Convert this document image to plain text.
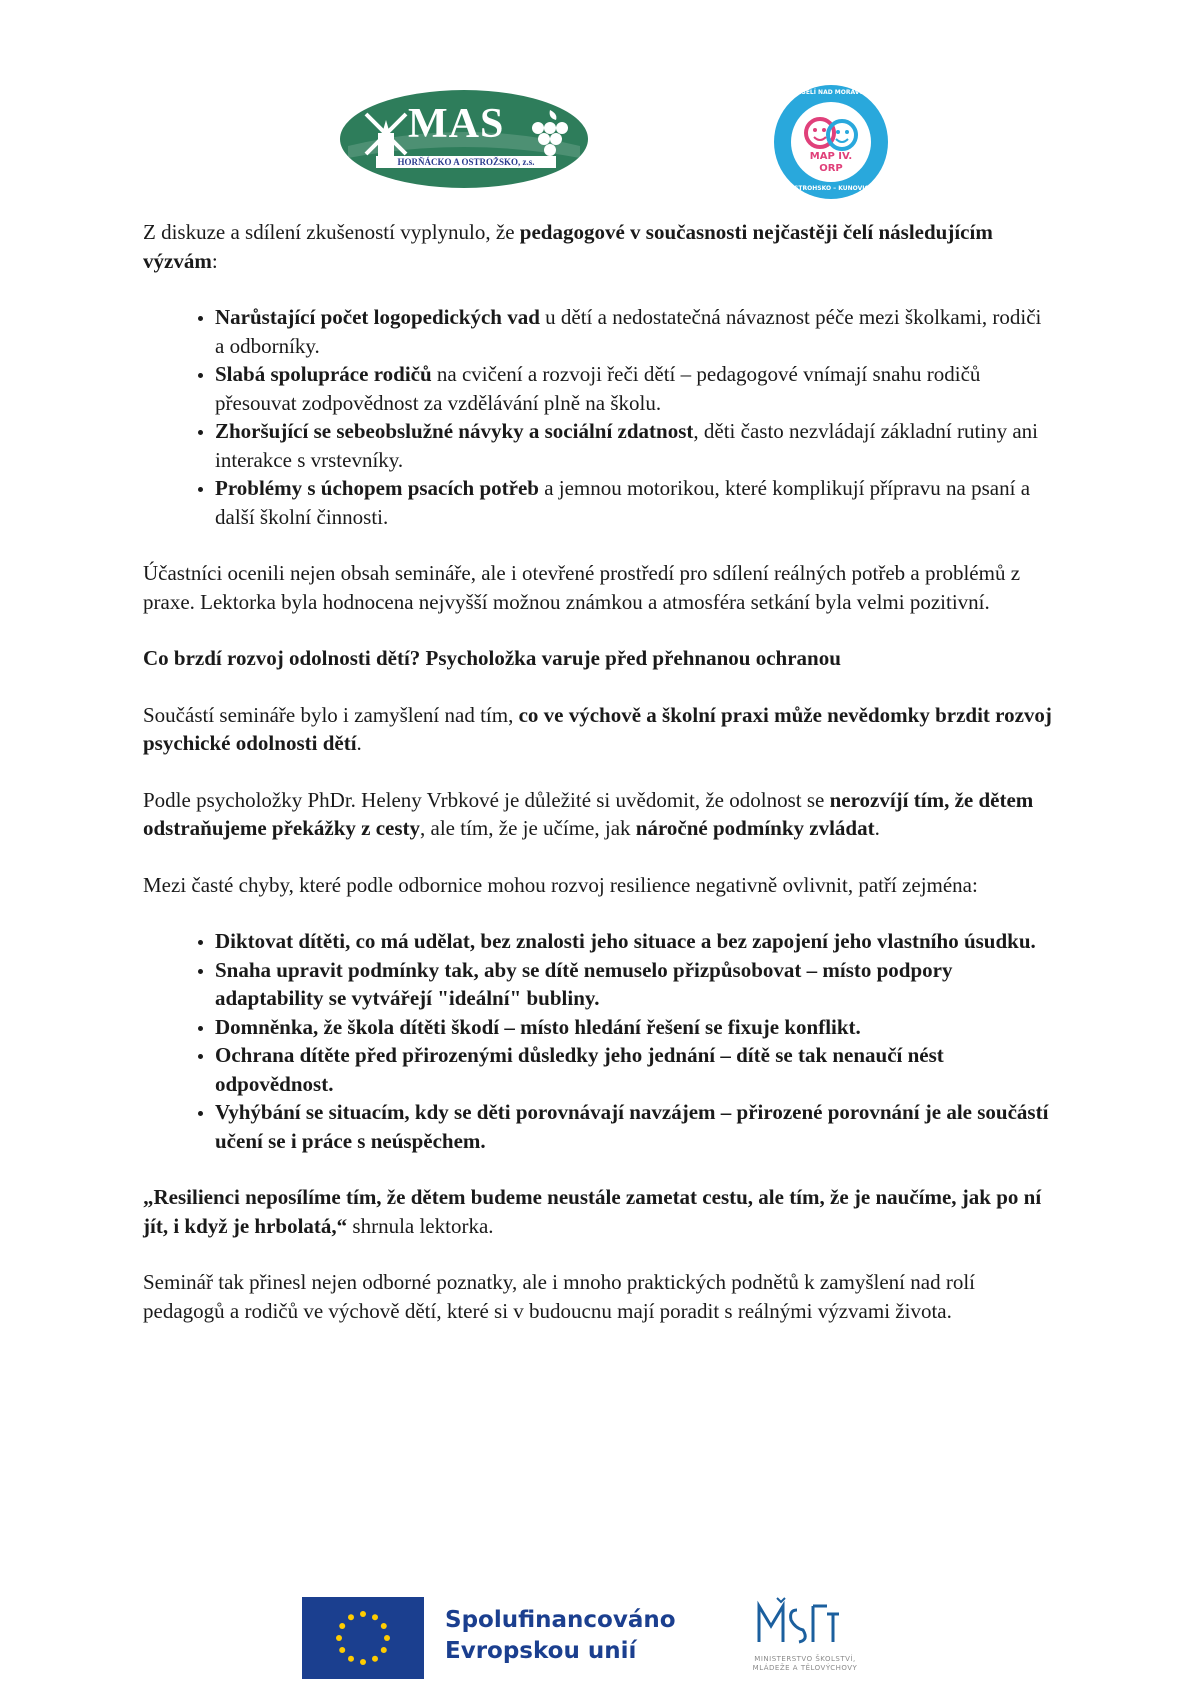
MAS
HORŇÁCKO A OSTROŽSKO, z.s.	MAP IV.
ORP
VESELÍ NAD MORAVOU
OSTROHSKO – KUNOVICE

Z diskuze a sdílení zkušeností vyplynulo, že pedagogové v současnosti nejčastěji čelí následujícím výzvám:

• Narůstající počet logopedických vad u dětí a nedostatečná návaznost péče mezi školkami, rodiči a odborníky.
• Slabá spolupráce rodičů na cvičení a rozvoji řeči dětí – pedagogové vnímají snahu rodičů přesouvat zodpovědnost za vzdělávání plně na školu.
• Zhoršující se sebeobslužné návyky a sociální zdatnost, děti často nezvládají základní rutiny ani interakce s vrstevníky.
• Problémy s úchopem psacích potřeb a jemnou motorikou, které komplikují přípravu na psaní a další školní činnosti.

Účastníci ocenili nejen obsah semináře, ale i otevřené prostředí pro sdílení reálných potřeb a problémů z praxe. Lektorka byla hodnocena nejvyšší možnou známkou a atmosféra setkání byla velmi pozitivní.

Co brzdí rozvoj odolnosti dětí? Psycholožka varuje před přehnanou ochranou

Součástí semináře bylo i zamyšlení nad tím, co ve výchově a školní praxi může nevědomky brzdit rozvoj psychické odolnosti dětí.

Podle psycholožky PhDr. Heleny Vrbkové je důležité si uvědomit, že odolnost se nerozvíjí tím, že dětem odstraňujeme překážky z cesty, ale tím, že je učíme, jak náročné podmínky zvládat.

Mezi časté chyby, které podle odbornice mohou rozvoj resilience negativně ovlivnit, patří zejména:

• Diktovat dítěti, co má udělat, bez znalosti jeho situace a bez zapojení jeho vlastního úsudku.
• Snaha upravit podmínky tak, aby se dítě nemuselo přizpůsobovat – místo podpory adaptability se vytvářejí "ideální" bubliny.
• Domněnka, že škola dítěti škodí – místo hledání řešení se fixuje konflikt.
• Ochrana dítěte před přirozenými důsledky jeho jednání – dítě se tak nenaučí nést odpovědnost.
• Vyhýbání se situacím, kdy se děti porovnávají navzájem – přirozené porovnání je ale součástí učení se i práce s neúspěchem.

„Resilienci neposílíme tím, že dětem budeme neustále zametat cestu, ale tím, že je naučíme, jak po ní jít, i když je hrbolatá,“ shrnula lektorka.

Seminář tak přinesl nejen odborné poznatky, ale i mnoho praktických podnětů k zamyšlení nad rolí pedagogů a rodičů ve výchově dětí, které si v budoucnu mají poradit s reálnými výzvami života.

Spolufinancováno
Evropskou unií	MINISTERSTVO ŠKOLSTVÍ,
MLÁDEŽE A TĚLOVÝCHOVY
